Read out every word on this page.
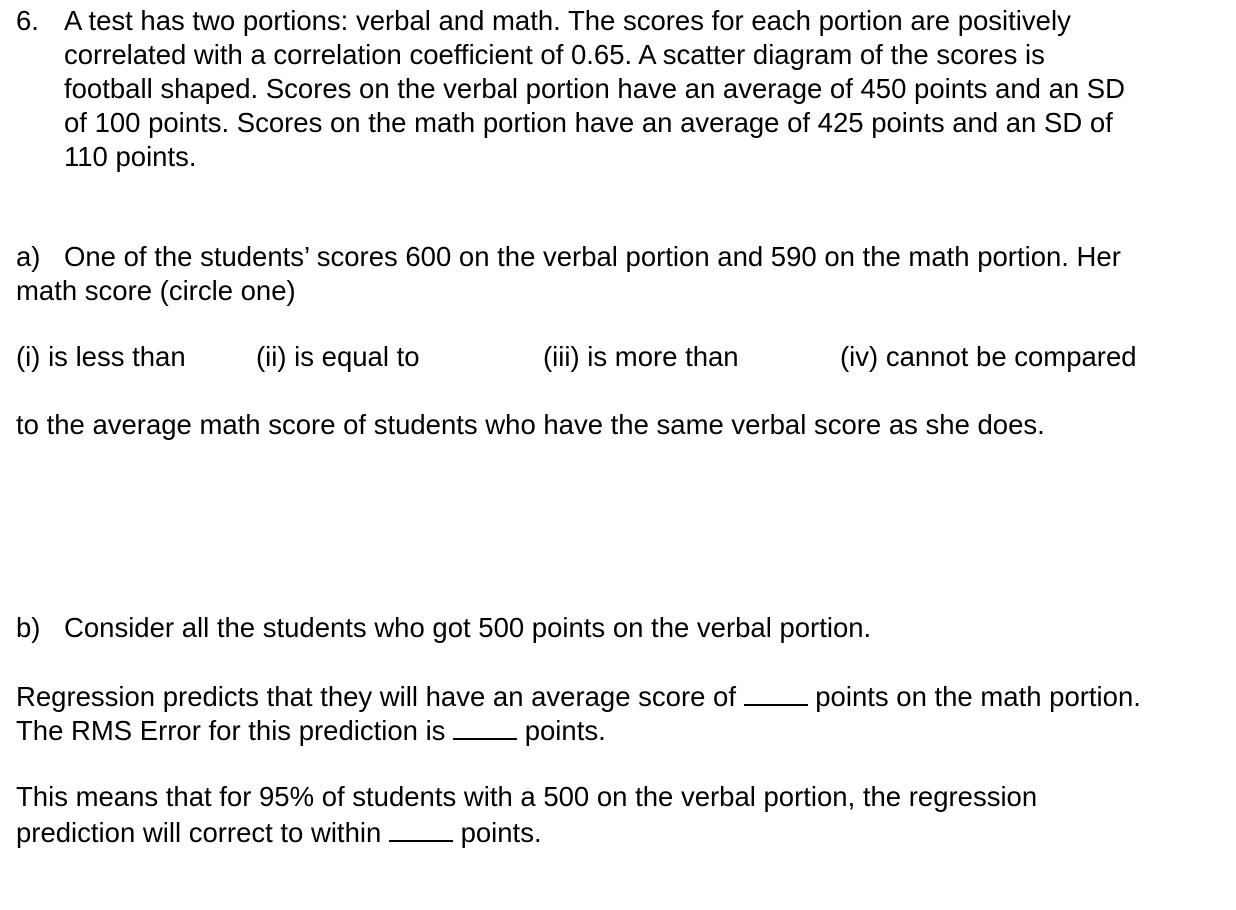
6. A test has two portions: verbal and math. The scores for each portion are positively
correlated with a correlation coefficient of 0.65. A scatter diagram of the scores is
football shaped. Scores on the verbal portion have an average of 450 points and an SD
of 100 points. Scores on the math portion have an average of 425 points and an SD of
110 points.
a) One of the students’ scores 600 on the verbal portion and 590 on the math portion. Her
math score (circle one)
(i) is less than	(ii) is equal to	(iii) is more than	(iv) cannot be compared
to the average math score of students who have the same verbal score as she does.
b) Consider all the students who got 500 points on the verbal portion.
Regression predicts that they will have an average score of	points on the math portion.
The RMS Error for this prediction is	points.
This means that for 95% of students with a 500 on the verbal portion, the regression
prediction will correct to within	points.
